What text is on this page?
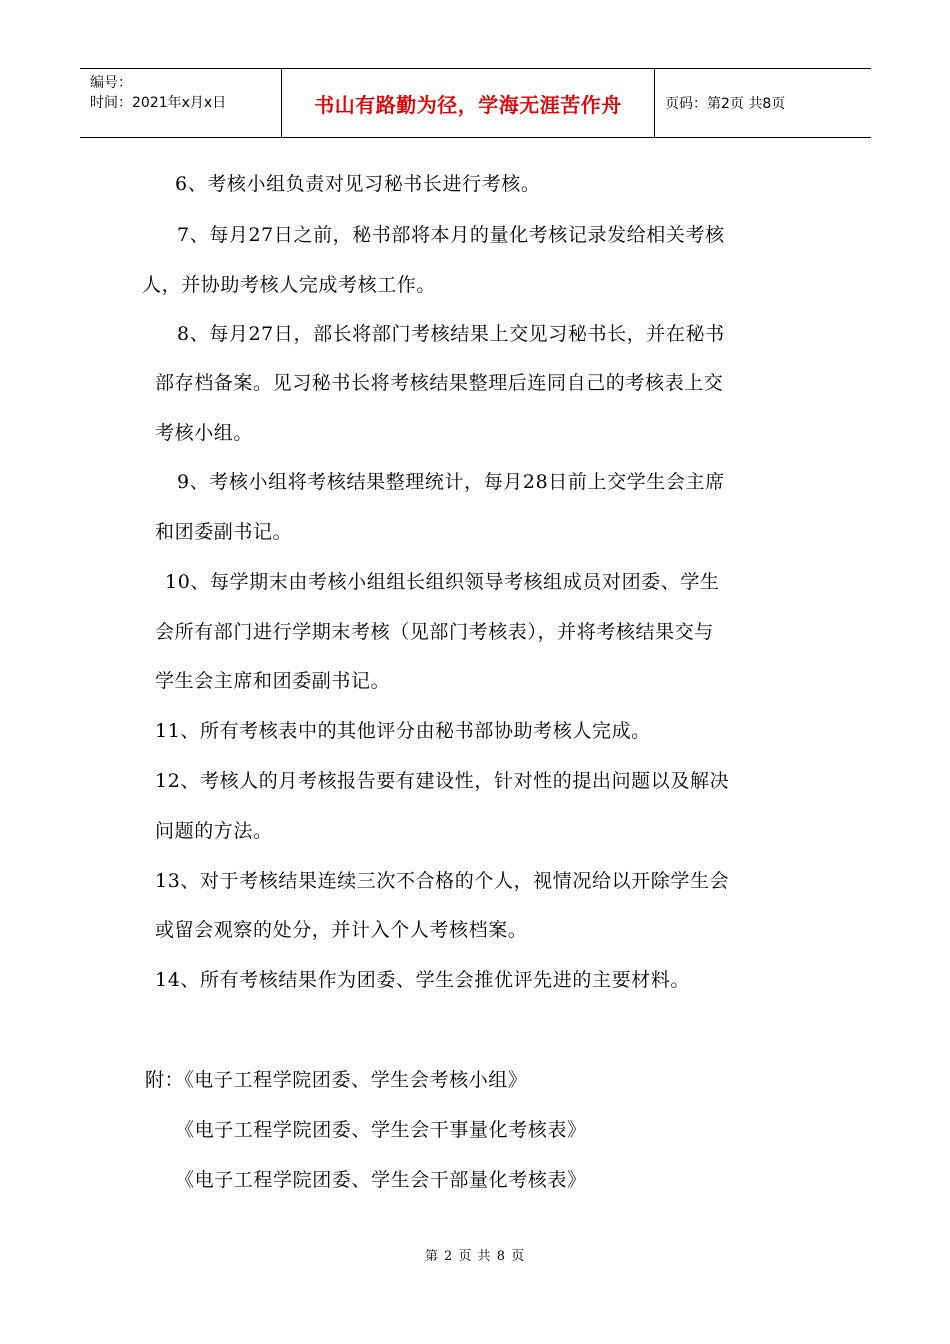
编号：
时间：2021年x月x日	书山有路勤为径，学海无涯苦作舟	页码：第2页 共8页
6、考核小组负责对见习秘书长进行考核。
7、每月27日之前，秘书部将本月的量化考核记录发给相关考核
人，并协助考核人完成考核工作。
8、每月27日，部长将部门考核结果上交见习秘书长，并在秘书
部存档备案。见习秘书长将考核结果整理后连同自己的考核表上交
考核小组。
9、考核小组将考核结果整理统计，每月28日前上交学生会主席
和团委副书记。
10、每学期末由考核小组组长组织领导考核组成员对团委、学生
会所有部门进行学期末考核（见部门考核表），并将考核结果交与
学生会主席和团委副书记。
11、所有考核表中的其他评分由秘书部协助考核人完成。
12、考核人的月考核报告要有建设性，针对性的提出问题以及解决
问题的方法。
13、对于考核结果连续三次不合格的个人，视情况给以开除学生会
或留会观察的处分，并计入个人考核档案。
14、所有考核结果作为团委、学生会推优评先进的主要材料。
附：《电子工程学院团委、学生会考核小组》
《电子工程学院团委、学生会干事量化考核表》
《电子工程学院团委、学生会干部量化考核表》
第 2 页 共 8 页
